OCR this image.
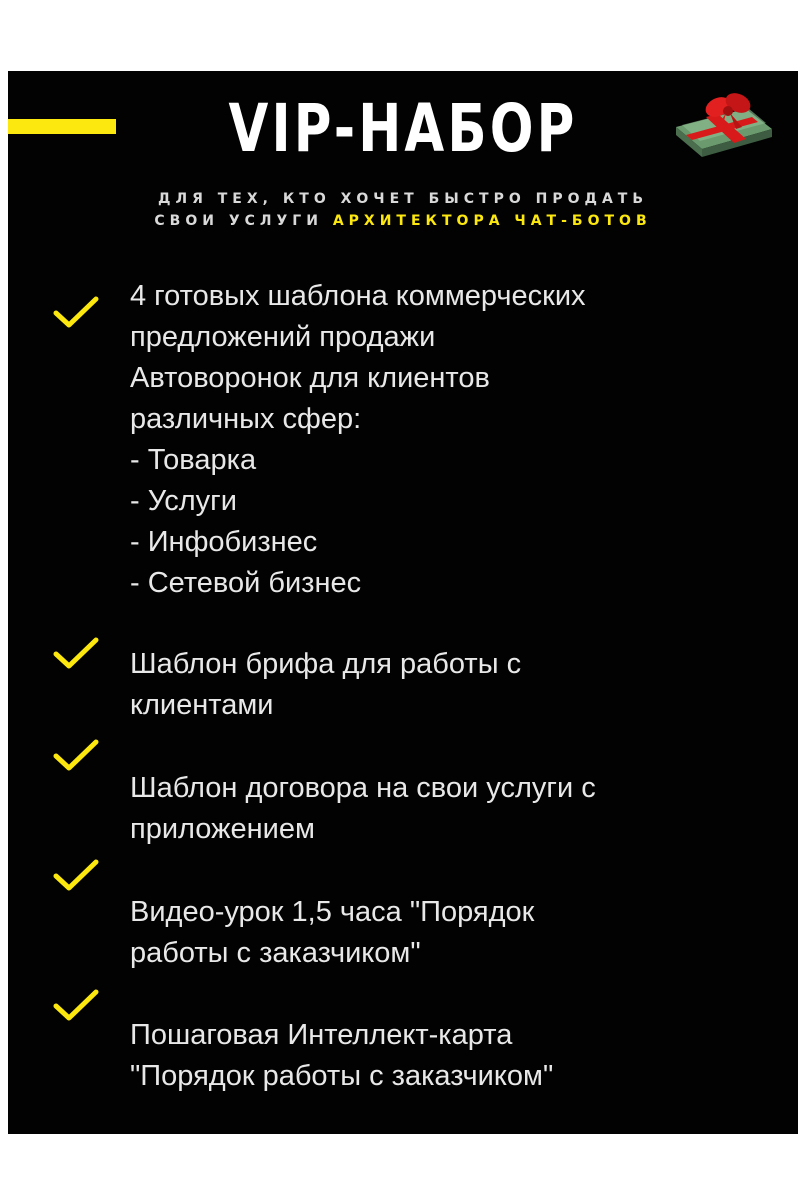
VIP-НАБОР
ДЛЯ ТЕХ, КТО ХОЧЕТ БЫСТРО ПРОДАТЬ
СВОИ УСЛУГИ АРХИТЕКТОРА ЧАТ-БОТОВ
4 готовых шаблона коммерческих
предложений продажи
Автоворонок для клиентов
различных сфер:
- Товарка
- Услуги
- Инфобизнес
- Сетевой бизнес
Шаблон брифа для работы с
клиентами
Шаблон договора на свои услуги с
приложением
Видео-урок 1,5 часа "Порядок
работы с заказчиком"
Пошаговая Интеллект-карта
"Порядок работы с заказчиком"
